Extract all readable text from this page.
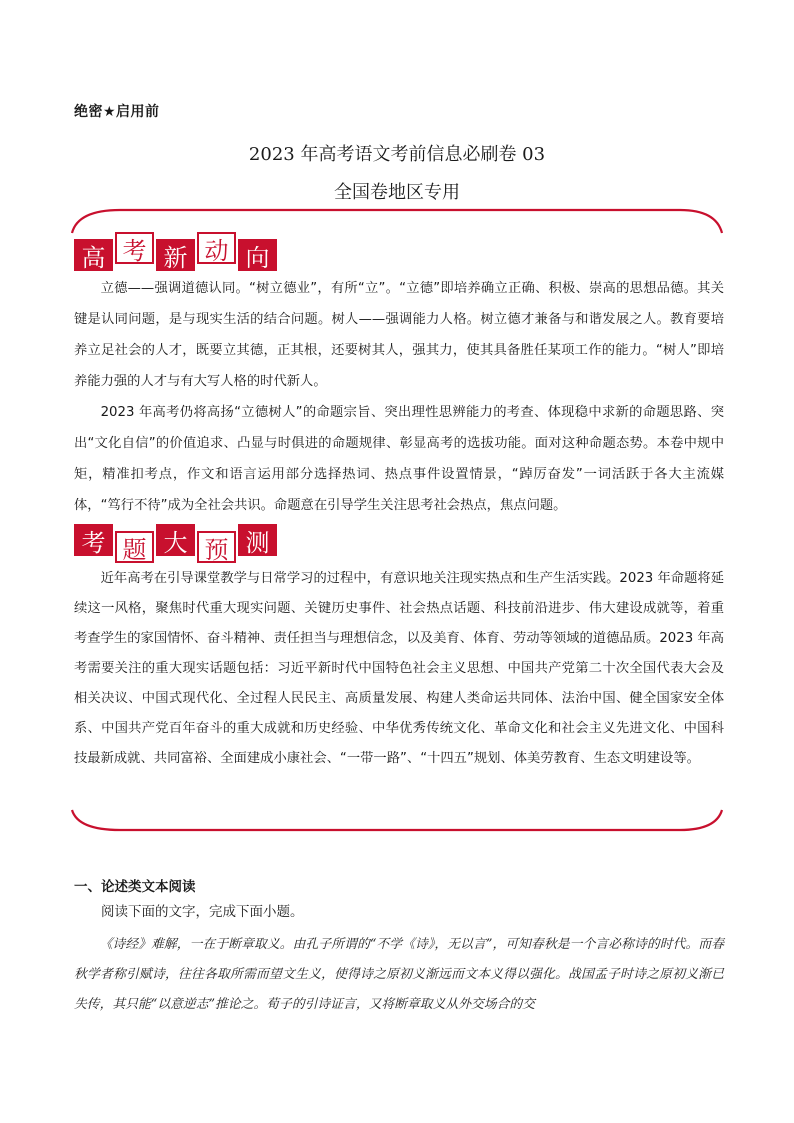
绝密★启用前
2023 年高考语文考前信息必刷卷 03
全国卷地区专用
高 考 新 动 向

立德——强调道德认同。“树立德业”，有所“立”。“立德”即培养确立正确、积极、崇高的思想品德。其关键是认同问题，是与现实生活的结合问题。树人——强调能力人格。树立德才兼备与和谐发展之人。教育要培养立足社会的人才，既要立其德，正其根，还要树其人，强其力，使其具备胜任某项工作的能力。“树人”即培养能力强的人才与有大写人格的时代新人。

2023 年高考仍将高扬“立德树人”的命题宗旨、突出理性思辨能力的考查、体现稳中求新的命题思路、突出“文化自信”的价值追求、凸显与时俱进的命题规律、彰显高考的选拔功能。面对这种命题态势。本卷中规中矩，精准扣考点，作文和语言运用部分选择热词、热点事件设置情景，“踔厉奋发”一词活跃于各大主流媒体，“笃行不待”成为全社会共识。命题意在引导学生关注思考社会热点，焦点问题。

考 题 大 预 测

近年高考在引导课堂教学与日常学习的过程中，有意识地关注现实热点和生产生活实践。2023 年命题将延续这一风格，聚焦时代重大现实问题、关键历史事件、社会热点话题、科技前沿进步、伟大建设成就等，着重考查学生的家国情怀、奋斗精神、责任担当与理想信念，以及美育、体育、劳动等领域的道德品质。2023 年高考需要关注的重大现实话题包括：习近平新时代中国特色社会主义思想、中国共产党第二十次全国代表大会及相关决议、中国式现代化、全过程人民民主、高质量发展、构建人类命运共同体、法治中国、健全国家安全体系、中国共产党百年奋斗的重大成就和历史经验、中华优秀传统文化、革命文化和社会主义先进文化、中国科技最新成就、共同富裕、全面建成小康社会、“一带一路”、“十四五”规划、体美劳教育、生态文明建设等。

一、论述类文本阅读
阅读下面的文字，完成下面小题。

《诗经》难解，一在于断章取义。由孔子所谓的“不学《诗》，无以言”，可知春秋是一个言必称诗的时代。而春秋学者称引赋诗，往往各取所需而望文生义，使得诗之原初义渐远而文本义得以强化。战国孟子时诗之原初义渐已失传，其只能“以意逆志”推论之。荀子的引诗证言，又将断章取义从外交场合的交
